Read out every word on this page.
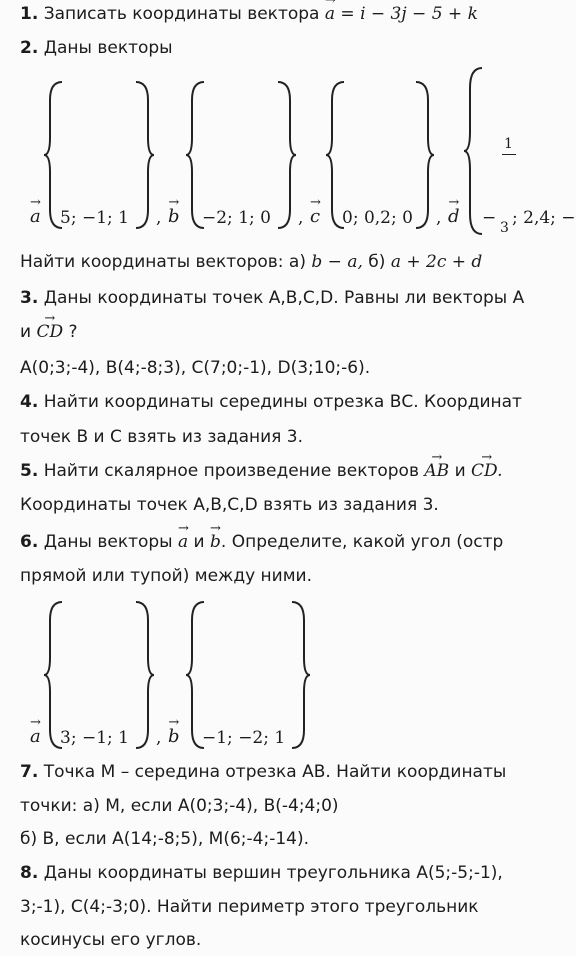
1. Записать координаты вектора → a = i − 3j − 5 + k
2. Даны векторы
→ a 5; −1; 1 , → b −2; 1; 0 , → c 0; 0,2; 0 , → d
1
− 3 ; 2,4; −
Найти координаты векторов: а) b − a, б) a + 2c + d
3. Даны координаты точек A,B,C,D. Равны ли векторы A
и → CD ?
A(0;3;-4), B(4;-8;3), C(7;0;-1), D(3;10;-6).
4. Найти координаты середины отрезка ВС. Координат
точек В и С взять из задания 3.
5. Найти скалярное произведение векторов → AB и → CD.
Координаты точек A,B,C,D взять из задания 3.
6. Даны векторы → a и → b. Определите, какой угол (остр
прямой или тупой) между ними.
→ a 3; −1; 1 , → b −1; −2; 1
7. Точка М – середина отрезка АВ. Найти координаты
точки: а) М, если А(0;3;-4), В(-4;4;0)
б) В, если А(14;-8;5), М(6;-4;-14).
8. Даны координаты вершин треугольника А(5;-5;-1),
3;-1), С(4;-3;0). Найти периметр этого треугольник
косинусы его углов.
